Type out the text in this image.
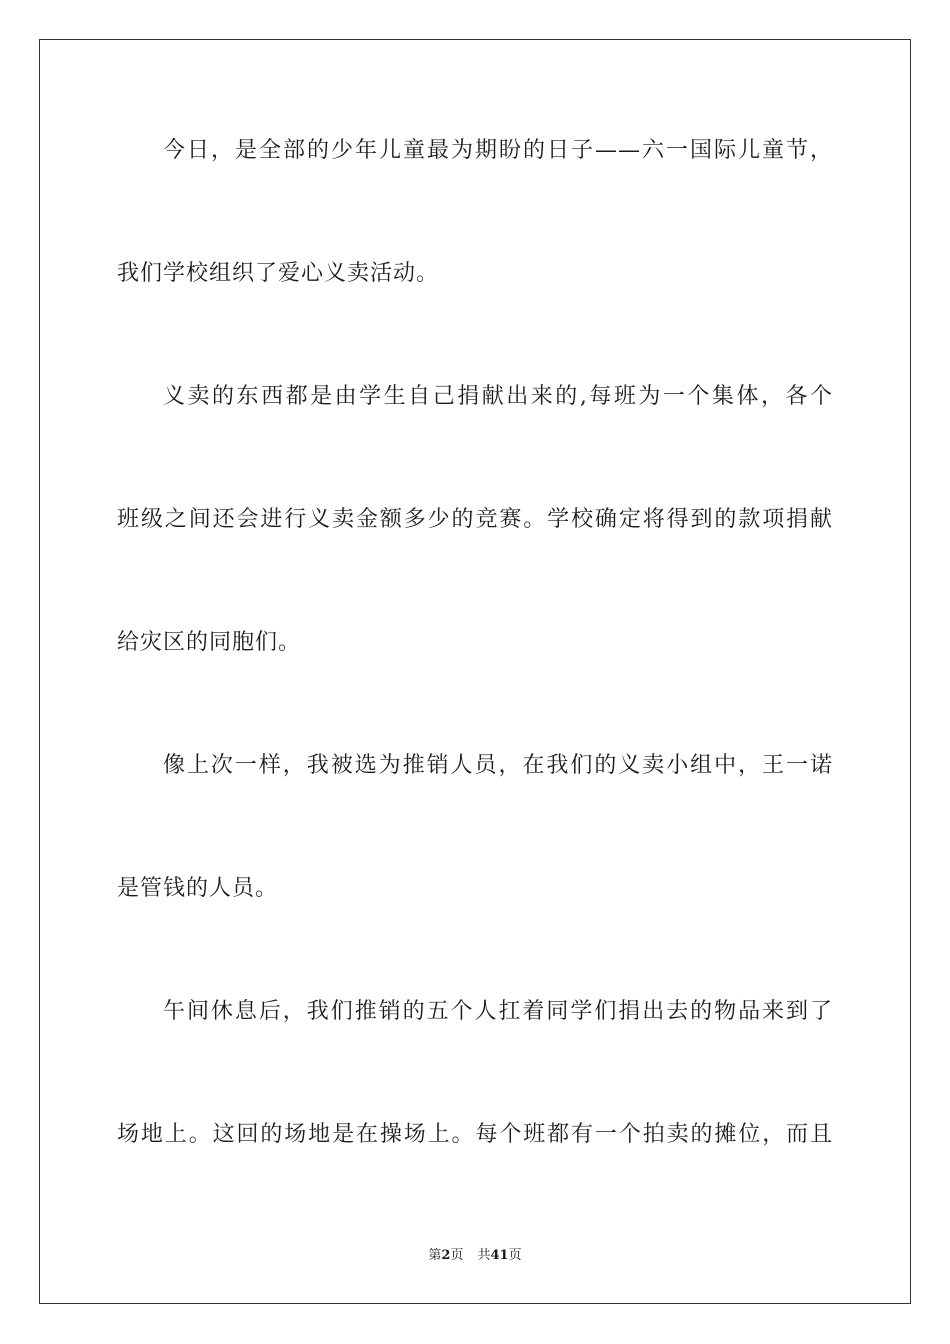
今日，是全部的少年儿童最为期盼的日子——六一国际儿童节，
我们学校组织了爱心义卖活动。
义卖的东西都是由学生自己捐献出来的,每班为一个集体，各个
班级之间还会进行义卖金额多少的竞赛。学校确定将得到的款项捐献
给灾区的同胞们。
像上次一样，我被选为推销人员，在我们的义卖小组中，王一诺
是管钱的人员。
午间休息后，我们推销的五个人扛着同学们捐出去的物品来到了
场地上。这回的场地是在操场上。每个班都有一个拍卖的摊位，而且
第2页 共41页
